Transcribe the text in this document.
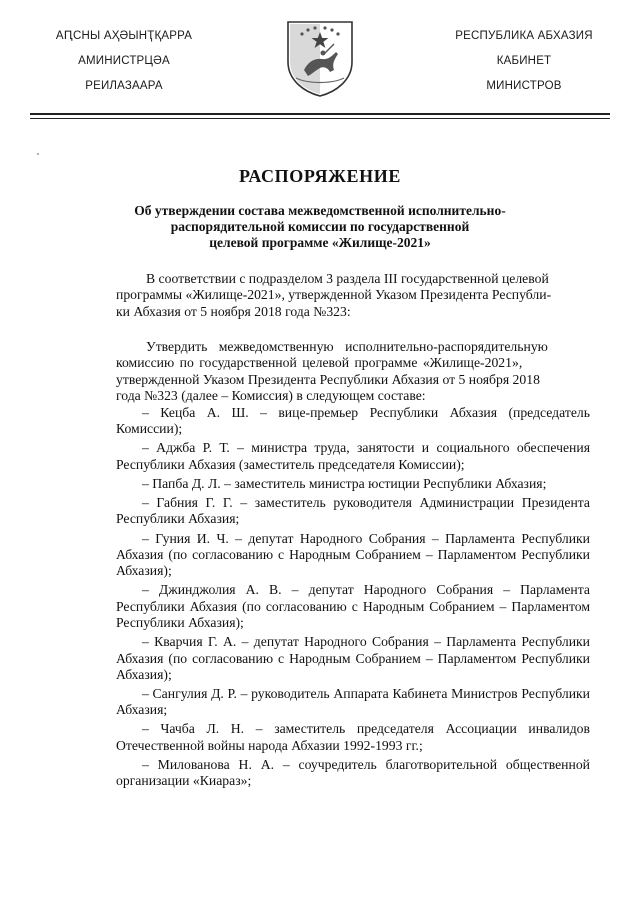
АԤСНЫ АҲӘЫНҬҚАРРА
АМИНИСТРЦӘА
РЕИЛАЗААРА
РЕСПУБЛИКА АБХАЗИЯ
КАБИНЕТ
МИНИСТРОВ
РАСПОРЯЖЕНИЕ
Об утверждении состава межведомственной исполнительно-
распорядительной комиссии по государственной
целевой программе «Жилище-2021»
В соответствии с подразделом 3 раздела III государственной целевой
программы «Жилище-2021», утвержденной Указом Президента Республи-
ки Абхазия от 5 ноября 2018 года №323:
Утвердить межведомственную исполнительно-распорядительную
комиссию по государственной целевой программе «Жилище-2021»,
утвержденной Указом Президента Республики Абхазия от 5 ноября 2018
года №323 (далее – Комиссия) в следующем составе:
– Кецба А. Ш. – вице-премьер Республики Абхазия (председатель Комиссии);
– Аджба Р. Т. – министра труда, занятости и социального обеспечения Республики Абхазия (заместитель председателя Комиссии);
– Папба Д. Л. – заместитель министра юстиции Республики Абхазия;
– Габния Г. Г. – заместитель руководителя Администрации Президента Республики Абхазия;
– Гуния И. Ч. – депутат Народного Собрания – Парламента Республики Абхазия (по согласованию с Народным Собранием – Парламентом Республики Абхазия);
– Джинджолия А. В. – депутат Народного Собрания – Парламента Республики Абхазия (по согласованию с Народным Собранием – Парламентом Республики Абхазия);
– Кварчия Г. А. – депутат Народного Собрания – Парламента Республики Абхазия (по согласованию с Народным Собранием – Парламентом Республики Абхазия);
– Сангулия Д. Р. – руководитель Аппарата Кабинета Министров Республики Абхазия;
– Чачба Л. Н. – заместитель председателя Ассоциации инвалидов Отечественной войны народа Абхазии 1992-1993 гг.;
– Милованова Н. А. – соучредитель благотворительной общественной организации «Киараз»;
